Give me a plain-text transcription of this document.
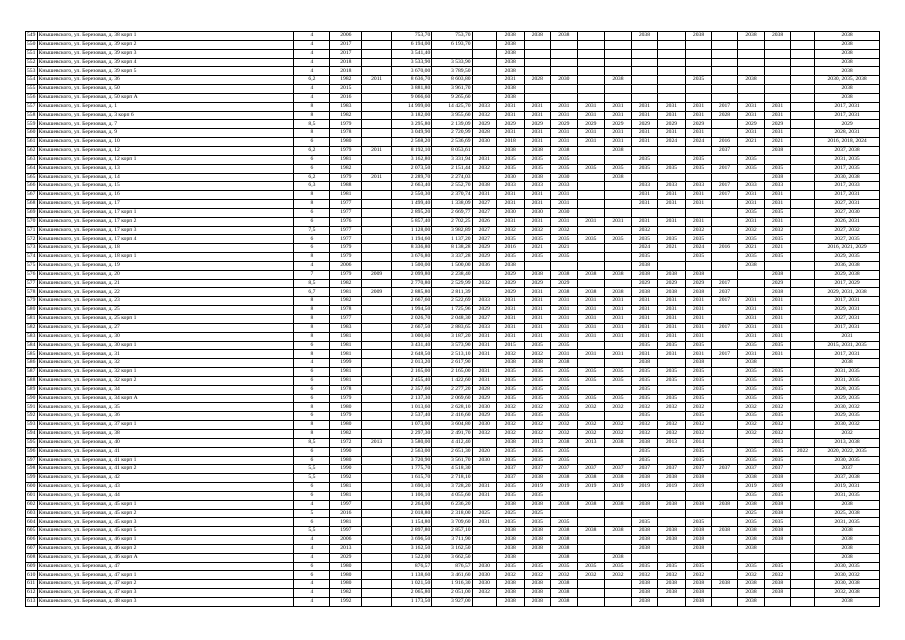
549	Кнышевского, ул. Березовая, д. 38 корп 1	4	2006		753,70	753,70		2038	2038	2038			2038		2038		2038	2038		2038
550	Кнышевского, ул. Березовая, д. 39 корп 2	4	2017		6 194,00	6 193,70		2038												2038
551	Кнышевского, ул. Березовая, д. 39 корп 3	4	2017		3 541,40			2038												2038
552	Кнышевского, ул. Березовая, д. 39 корп 4	4	2018		3 533,90	3 533,90		2038												2038
553	Кнышевского, ул. Березовая, д. 39 корп 5	4	2018		3 670,00	3 789,50		2038												2038
554	Кнышевского, ул. Березовая, д. 36	6,2	1982	2011	8 636,70	8 603,80		2031	2028	2030		2038			2035		2038			2030, 2035, 2038
555	Кнышевского, ул. Березовая, д. 50	4	2015		3 881,80	3 961,70		2038												2038
556	Кнышевского, ул. Березовая, д. 50 корп А	4	2016		9 066,60	9 265,60		2038												2038
557	Кнышевского, ул. Березовая, д. 1	8	1983		14 999,00	14 425,70	2033	2031	2031	2031	2031	2031	2031	2031	2031	2017	2031	2031		2017, 2031
558	Кнышевского, ул. Березовая, д. 3 корп 6	8	1982		3 182,00	3 955,60	2032	2031	2031	2031	2031	2031	2031	2031	2031	2028	2031	2031		2017, 2031
559	Кнышевского, ул. Березовая, д. 7	8,5	1979		3 295,80	2 139,09	2029	2029	2029	2029	2029	2029	2029	2029	2029		2029	2029		2029
560	Кнышевского, ул. Березовая, д. 9	8	1978		3 049,90	2 720,99	2028	2031	2031	2031	2031	2031	2031	2031	2031		2031	2031		2028, 2031
561	Кнышевского, ул. Березовая, д. 10	6	1980		2 568,20	2 536,69	2030	2018	2031	2031	2031	2031	2031	2024	2024	2016	2021	2021		2016, 2018, 2024
562	Кнышевского, ул. Березовая, д. 12	6,2	1979	2011	8 192,10	8 053,61		2038	2038	2038		2038				2037		2038		2037, 2038
563	Кнышевского, ул. Березовая, д. 12 корп 1	6	1981		3 162,80	3 331,94	2031	2035	2035	2035			2035		2035		2035			2031, 2035
564	Кнышевского, ул. Березовая, д. 13	6	1982		2 073,50	2 151,44	2032	2035	2035	2035	2035	2035	2035	2035	2035	2017	2035	2035		2017, 2035
565	Кнышевского, ул. Березовая, д. 14	6,2	1979	2011	2 289,70	2 274,03		2030	2038	2030		2038						2038		2030, 2038
566	Кнышевского, ул. Березовая, д. 15	6,3	1988		2 663,40	2 552,70	2038	2033	2033	2033			2033	2033	2033	2017	2033	2033		2017, 2033
567	Кнышевского, ул. Березовая, д. 16	8	1981		2 550,30	2 370,74	2031	2031	2031	2031			2031	2031	2031	2017	2031	2031		2017, 2031
568	Кнышевского, ул. Березовая, д. 17	8	1977		1 499,40	1 338,09	2027	2031	2031	2031			2031	2031	2031		2031	2031		2027, 2031
569	Кнышевского, ул. Березовая, д. 17 корп 1	6	1977		2 895,20	2 669,77	2027	2030	2030	2030							2035	2035		2027, 2030
570	Кнышевского, ул. Березовая, д. 17 корп 2	6	1976		5 857,40	2 702,25	2026	2031	2031	2031	2031	2031	2031	2031	2031		2031	2031		2026, 2031
571	Кнышевского, ул. Березовая, д. 17 корп 3	7,5	1977		1 128,00	3 982,89	2027	2032	2032	2032			2032		2032		2032	2032		2027, 2032
572	Кнышевского, ул. Березовая, д. 17 корп 4	6	1977		1 194,60	1 137,20	2027	2035	2035	2035	2035	2035	2035	2035	2035		2035	2035		2027, 2035
573	Кнышевского, ул. Березовая, д. 18	6	1979		8 336,80	8 138,28	2029	2016	2021	2021			2024	2021	2024	2016	2021	2021		2016, 2021, 2029
574	Кнышевского, ул. Березовая, д. 18 корп 1	8	1979		3 676,80	3 337,28	2029	2035	2035	2035			2035		2035		2035	2035		2029, 2035
575	Кнышевского, ул. Березовая, д. 19	4	2006		1 500,00	1 500,00	2036	2038					2038				2038			2036, 2038
576	Кнышевского, ул. Березовая, д. 20	7	1979	2009	2 099,80	2 238,40		2029	2038	2038	2038	2038	2038	2038	2038			2038		2029, 2038
577	Кнышевского, ул. Березовая, д. 21	8,5	1982		2 770,80	2 529,99	2032	2029	2029	2029			2029	2029	2029	2017		2029		2017, 2029
578	Кнышевского, ул. Березовая, д. 22	6,7	1981	2009	2 885,80	2 811,39		2029	2031	2038	2038	2038	2038	2038	2038	2037		2038		2029, 2031, 2038
579	Кнышевского, ул. Березовая, д. 23	8	1982		2 667,60	2 522,69	2033	2031	2031	2031	2031	2031	2031	2031	2031	2017	2031	2031		2017, 2031
580	Кнышевского, ул. Березовая, д. 25	8	1978		1 994,50	1 725,96	2029	2031	2031	2031	2031	2031	2031	2031	2031		2031	2031		2029, 2031
581	Кнышевского, ул. Березовая, д. 25 корп 1	8	1977		2 026,70	2 048,30	2027	2031	2031	2031	2031	2031	2031	2031	2031		2031	2031		2027, 2031
582	Кнышевского, ул. Березовая, д. 27	8	1983		2 667,50	2 883,65	2033	2031	2031	2031	2031	2031	2031	2031	2031	2017	2031	2031		2017, 2031
583	Кнышевского, ул. Березовая, д. 30	8	1981		3 000,60	3 187,20	2031	2031	2031	2031	2031	2031	2031	2031	2031		2031	2031		2031
584	Кнышевского, ул. Березовая, д. 30 корп 1	6	1981		3 431,40	3 573,90	2031	2015	2035	2035			2035	2035	2035		2035	2035		2015, 2031, 2035
585	Кнышевского, ул. Березовая, д. 31	8	1981		2 648,50	2 513,10	2031	2032	2032	2031	2031	2031	2031	2031	2031	2017	2031	2031		2017, 2031
586	Кнышевского, ул. Березовая, д. 32	4	1999		2 013,20	2 617,90		2038	2038	2038			2038		2038		2038			2038
587	Кнышевского, ул. Березовая, д. 32 корп 1	6	1981		2 165,00	2 165,00	2031	2035	2035	2035	2035	2035	2035	2035	2035		2035	2035		2031, 2035
588	Кнышевского, ул. Березовая, д. 32 корп 2	6	1981		2 455,40	1 422,60	2031	2035	2035	2035	2035	2035	2035	2035	2035		2035	2035		2031, 2035
589	Кнышевского, ул. Березовая, д. 34	6	1978		2 357,60	2 277,20	2028	2035	2035	2035			2035		2035		2035	2035		2028, 2035
590	Кнышевского, ул. Березовая, д. 34 корп А	6	1979		2 137,30	2 069,60	2029	2035	2035	2035	2035	2035	2035	2035	2035		2035	2035		2029, 2035
591	Кнышевского, ул. Березовая, д. 35	8	1980		1 013,60	2 628,10	2030	2032	2032	2032	2032	2032	2032	2032	2032		2032	2032		2030, 2032
592	Кнышевского, ул. Березовая, д. 36	6	1979		2 537,40	2 416,60	2029	2035	2035	2035			2035		2035		2035	2035		2029, 2035
593	Кнышевского, ул. Березовая, д. 37 корп 1	8	1980		1 073,00	3 604,80	2030	2032	2032	2032	2032	2032	2032	2032	2032		2032	2032		2030, 2032
594	Кнышевского, ул. Березовая, д. 38	8	1982		2 297,30	2 491,70	2032	2032	2032	2032	2032	2032	2032	2032	2032		2032	2032		2032
595	Кнышевского, ул. Березовая, д. 40	8,5	1972	2013	3 580,00	4 412,40		2038	2013	2038	2013	2038	2038	2013	2014			2013		2013, 2038
596	Кнышевского, ул. Березовая, д. 41	6	1990		2 563,00	2 651,30	2020	2035	2035	2035			2035		2035		2035	2035	2022	2020, 2022, 2035
597	Кнышевского, ул. Березовая, д. 41 корп 1	6	1980		3 720,90	3 561,70	2030	2035	2035	2035			2035		2035		2035	2035		2030, 2035
598	Кнышевского, ул. Березовая, д. 41 корп 2	5,5	1990		1 775,70	4 518,30		2037	2037	2037	2037	2037	2037	2037	2037	2037	2037	2037		2037
599	Кнышевского, ул. Березовая, д. 42	5,5	1992		1 615,70	2 718,10		2037	2038	2038	2038	2038	2038	2038	2038		2038	2038		2037, 2038
600	Кнышевского, ул. Березовая, д. 43	6	1981		3 690,10	3 728,20	2031	2035	2019	2019	2019	2019	2019	2019	2019		2019	2019		2019, 2031
601	Кнышевского, ул. Березовая, д. 44	6	1981		1 106,10	4 055,60	2031	2035	2035								2035	2035		2031, 2035
602	Кнышевского, ул. Березовая, д. 45 корп 1	4	1997		2 264,00	6 236,20		2038	2038	2038	2038	2038	2038	2038	2038	2038	2038	2038		2038
603	Кнышевского, ул. Березовая, д. 45 корп 2	5	2016		2 018,80	2 318,00	2025	2025	2025								2025	2038		2025, 2038
604	Кнышевского, ул. Березовая, д. 45 корп 3	6	1981		1 154,80	3 709,60	2031	2035	2035	2035			2035		2035		2035	2035		2031, 2035
605	Кнышевского, ул. Березовая, д. 45 корп 5	5,5	1997		2 897,80	2 857,10		2038	2038	2038	2038	2038	2038	2038	2038	2038	2038	2038		2038
606	Кнышевского, ул. Березовая, д. 46 корп 1	4	2006		3 696,50	3 711,90		2038	2038	2038			2038	2038	2038		2038	2038		2038
607	Кнышевского, ул. Березовая, д. 46 корп 2	4	2013		3 162,50	3 162,50		2038	2038	2038			2038		2038		2038			2038
608	Кнышевского, ул. Березовая, д. 46 корп А	4	2029		1 522,00	3 662,50		2038		2038		2038								2038
609	Кнышевского, ул. Березовая, д. 47	6	1980		876,57	876,57	2030	2035	2035	2035	2035	2035	2035	2035	2035		2035	2035		2030, 2035
610	Кнышевского, ул. Березовая, д. 47 корп 1	6	1980		1 138,60	3 461,60	2030	2032	2032	2032	2032	2032	2032	2032	2032		2032	2032		2030, 2032
611	Кнышевского, ул. Березовая, д. 47 корп 2	4	1980		1 021,50	1 916,30	2030	2038	2038	2038			2038	2038	2038	2038	2038	2038		2030, 2038
612	Кнышевского, ул. Березовая, д. 47 корп 3	4	1982		2 065,80	2 051,00	2032	2038	2038	2038			2038	2038	2038		2038	2038		2032, 2038
613	Кнышевского, ул. Березовая, д. 48 корп 3	4	1992		1 173,50	3 927,00		2038	2038	2038			2038		2038		2038			2038
